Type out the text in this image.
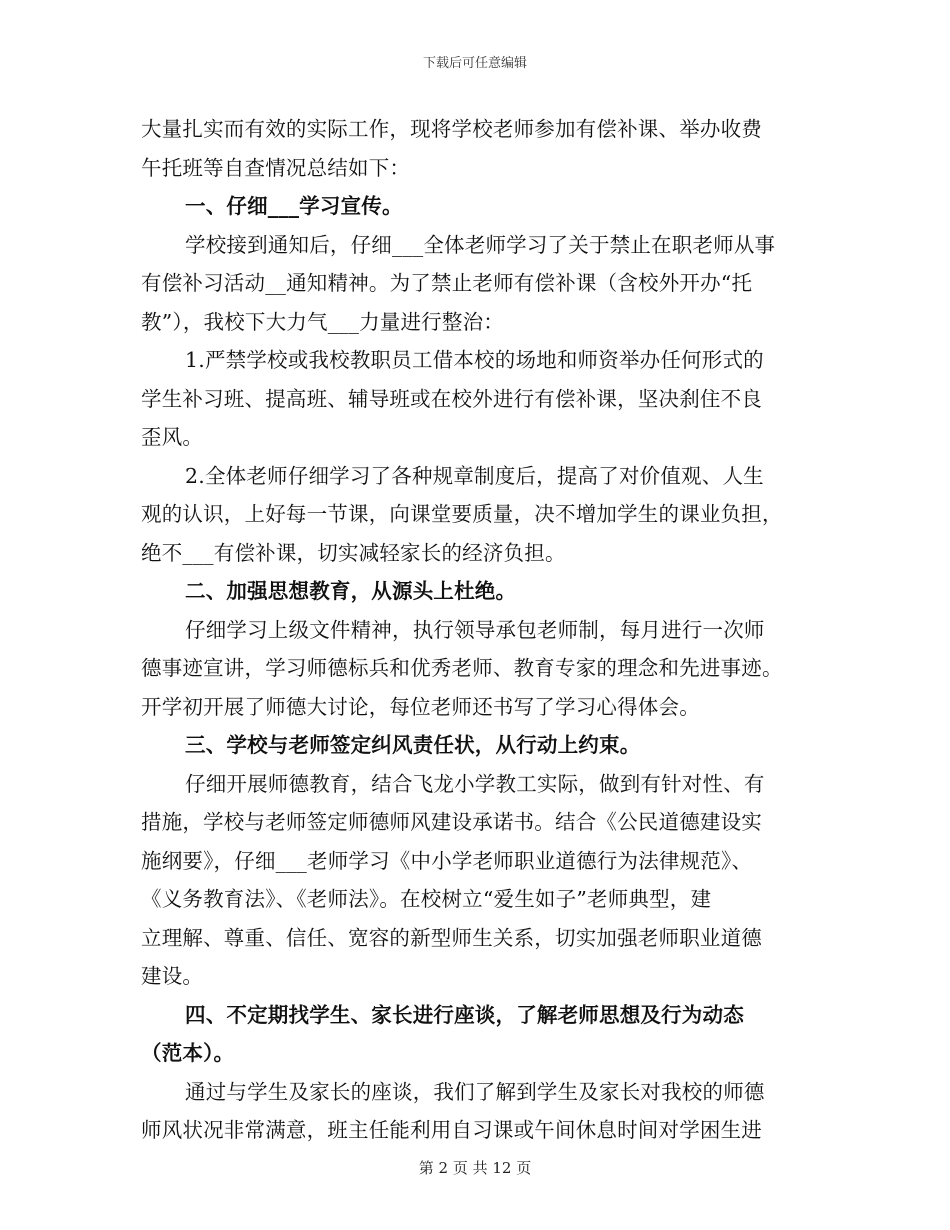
下载后可任意编辑
大量扎实而有效的实际工作，现将学校老师参加有偿补课、举办收费
午托班等自查情况总结如下：
一、仔细___学习宣传。
学校接到通知后，仔细___全体老师学习了关于禁止在职老师从事
有偿补习活动__通知精神。为了禁止老师有偿补课（含校外开办“托
教”），我校下大力气___力量进行整治：
1.严禁学校或我校教职员工借本校的场地和师资举办任何形式的
学生补习班、提高班、辅导班或在校外进行有偿补课，坚决刹住不良
歪风。
2.全体老师仔细学习了各种规章制度后，提高了对价值观、人生
观的认识，上好每一节课，向课堂要质量，决不增加学生的课业负担，
绝不___有偿补课，切实减轻家长的经济负担。
二、加强思想教育，从源头上杜绝。
仔细学习上级文件精神，执行领导承包老师制，每月进行一次师
德事迹宣讲，学习师德标兵和优秀老师、教育专家的理念和先进事迹。
开学初开展了师德大讨论，每位老师还书写了学习心得体会。
三、学校与老师签定纠风责任状，从行动上约束。
仔细开展师德教育，结合飞龙小学教工实际，做到有针对性、有
措施，学校与老师签定师德师风建设承诺书。结合《公民道德建设实
施纲要》，仔细___老师学习《中小学老师职业道德行为法律规范》、
《义务教育法》、《老师法》。在校树立“爱生如子”老师典型，建
立理解、尊重、信任、宽容的新型师生关系，切实加强老师职业道德
建设。
四、不定期找学生、家长进行座谈，了解老师思想及行为动态
（范本）。
通过与学生及家长的座谈，我们了解到学生及家长对我校的师德
师风状况非常满意，班主任能利用自习课或午间休息时间对学困生进
第 2 页 共 12 页
